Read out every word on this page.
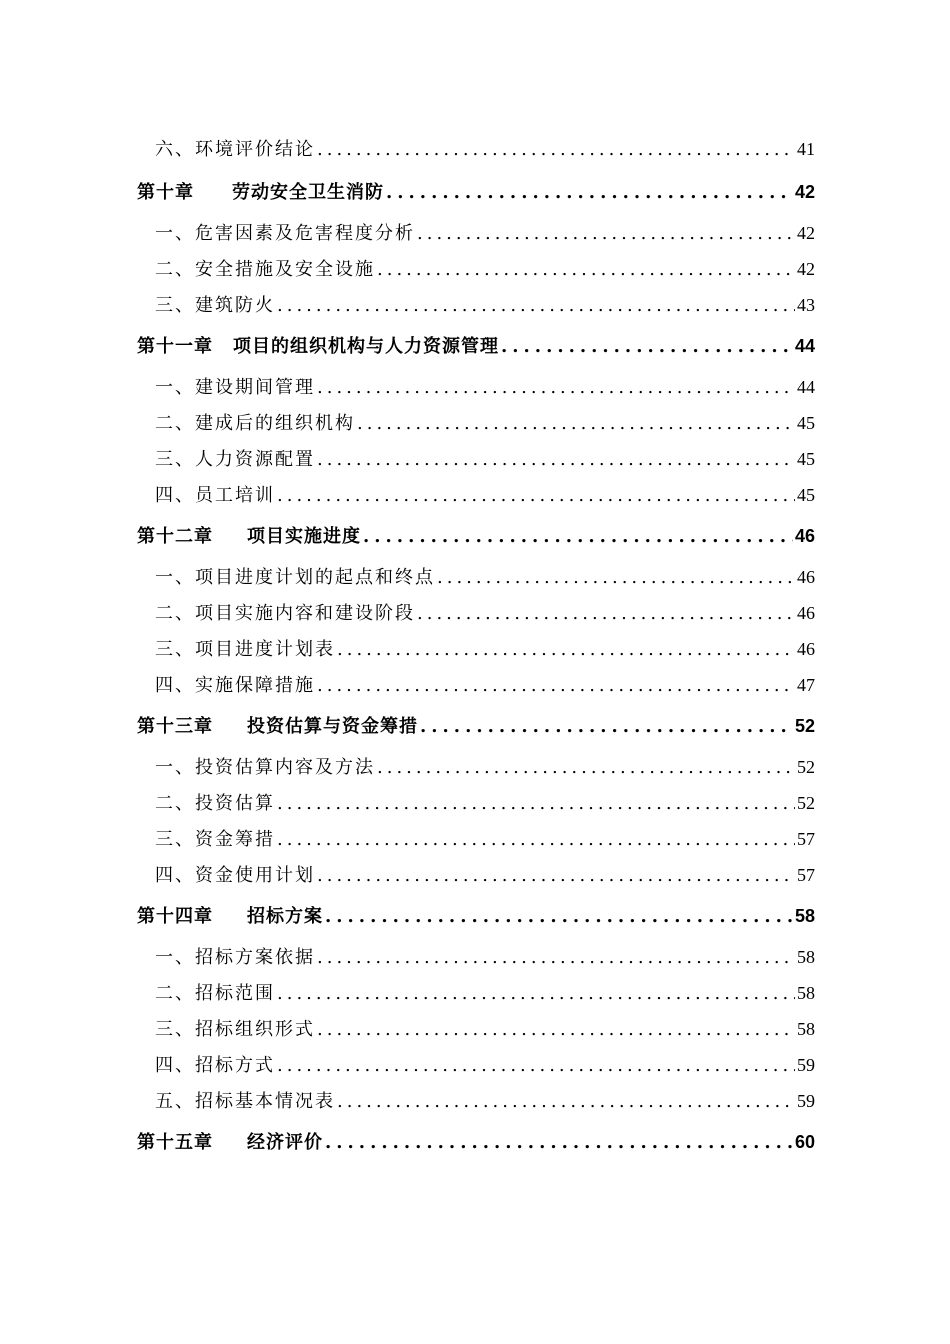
六、环境评价结论 .....	41
第十章 劳动安全卫生消防 .....	42
一、危害因素及危害程度分析 .....	42
二、安全措施及安全设施 .....	42
三、建筑防火 .....	43
第十一章 项目的组织机构与人力资源管理 .....	44
一、建设期间管理 .....	44
二、建成后的组织机构 .....	45
三、人力资源配置 .....	45
四、员工培训 .....	45
第十二章 项目实施进度 .....	46
一、项目进度计划的起点和终点 .....	46
二、项目实施内容和建设阶段 .....	46
三、项目进度计划表 .....	46
四、实施保障措施 .....	47
第十三章 投资估算与资金筹措 .....	52
一、投资估算内容及方法 .....	52
二、投资估算 .....	52
三、资金筹措 .....	57
四、资金使用计划 .....	57
第十四章 招标方案 .....	58
一、招标方案依据 .....	58
二、招标范围 .....	58
三、招标组织形式 .....	58
四、招标方式 .....	59
五、招标基本情况表 .....	59
第十五章 经济评价 .....	60
